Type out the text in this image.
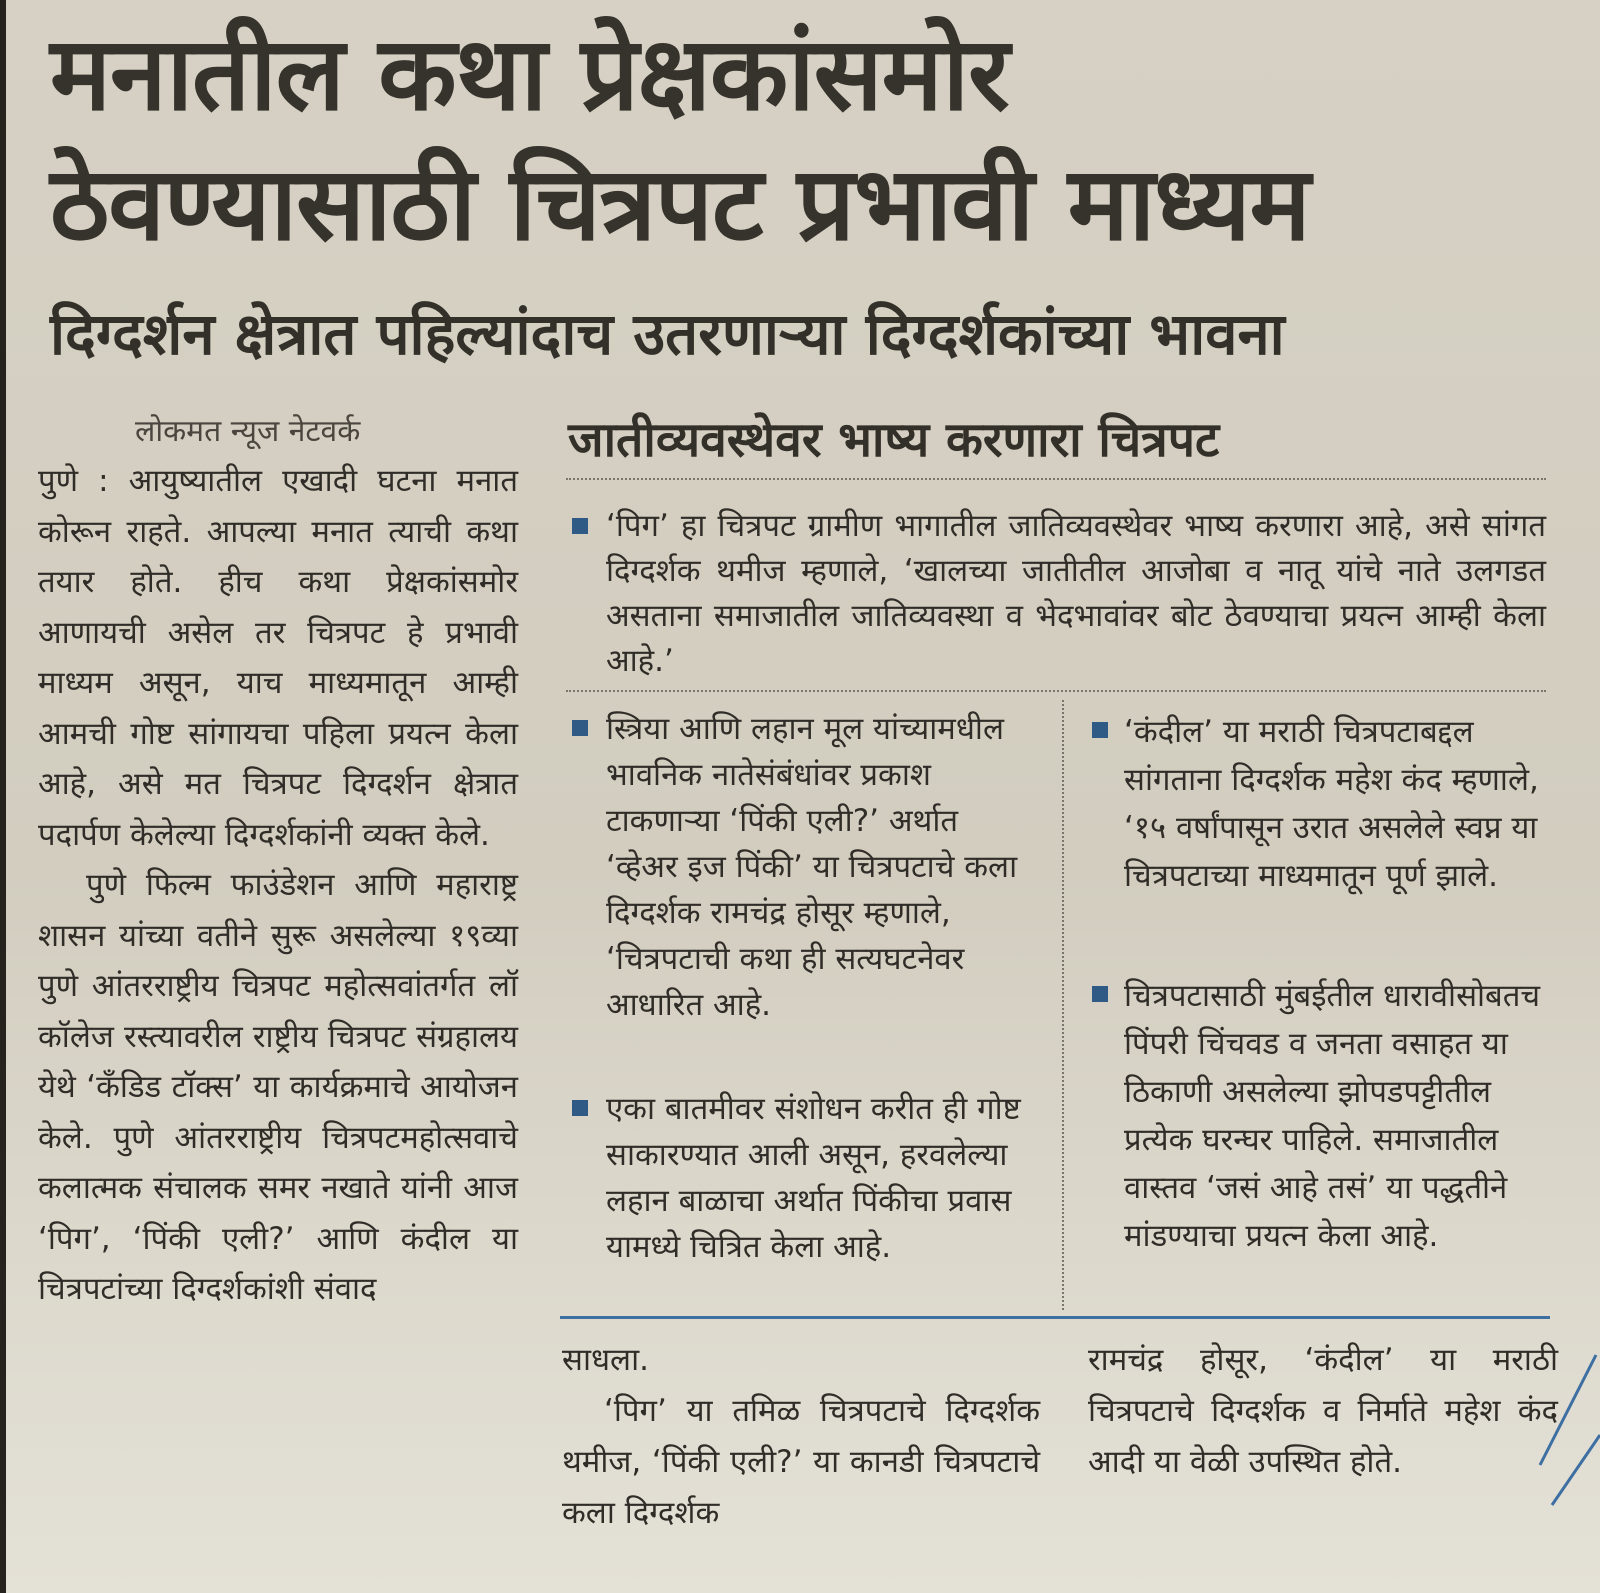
मनातील कथा प्रेक्षकांसमोर
ठेवण्यासाठी चित्रपट प्रभावी माध्यम
दिग्दर्शन क्षेत्रात पहिल्यांदाच उतरणाऱ्या दिग्दर्शकांच्या भावना
लोकमत न्यूज नेटवर्क

पुणे : आयुष्यातील एखादी घटना मनात कोरून राहते. आपल्या मनात त्याची कथा तयार होते. हीच कथा प्रेक्षकांसमोर आणायची असेल तर चित्रपट हे प्रभावी माध्यम असून, याच माध्यमातून आम्ही आमची गोष्ट सांगायचा पहिला प्रयत्न केला आहे, असे मत चित्रपट दिग्दर्शन क्षेत्रात पदार्पण केलेल्या दिग्दर्शकांनी व्यक्त केले.

पुणे फिल्म फाउंडेशन आणि महाराष्ट्र शासन यांच्या वतीने सुरू असलेल्या १९व्या पुणे आंतरराष्ट्रीय चित्रपट महोत्सवांतर्गत लॉ कॉलेज रस्त्यावरील राष्ट्रीय चित्रपट संग्रहालय येथे ‘कँडिड टॉक्स’ या कार्यक्रमाचे आयोजन केले. पुणे आंतरराष्ट्रीय चित्रपटमहोत्सवाचे कलात्मक संचालक समर नखाते यांनी आज ‘पिग’, ‘पिंकी एली?’ आणि कंदील या चित्रपटांच्या दिग्दर्शकांशी संवाद

जातीव्यवस्थेवर भाष्य करणारा चित्रपट

‘पिग’ हा चित्रपट ग्रामीण भागातील जातिव्यवस्थेवर भाष्य करणारा आहे, असे सांगत दिग्दर्शक थमीज म्हणाले, ‘खालच्या जातीतील आजोबा व नातू यांचे नाते उलगडत असताना समाजातील जातिव्यवस्था व भेदभावांवर बोट ठेवण्याचा प्रयत्न आम्ही केला आहे.’

स्त्रिया आणि लहान मूल यांच्यामधील भावनिक नातेसंबंधांवर प्रकाश टाकणाऱ्या ‘पिंकी एली?’ अर्थात ‘व्हेअर इज पिंकी’ या चित्रपटाचे कला दिग्दर्शक रामचंद्र होसूर म्हणाले, ‘चित्रपटाची कथा ही सत्यघटनेवर आधारित आहे.

एका बातमीवर संशोधन करीत ही गोष्ट साकारण्यात आली असून, हरवलेल्या लहान बाळाचा अर्थात पिंकीचा प्रवास यामध्ये चित्रित केला आहे.

‘कंदील’ या मराठी चित्रपटाबद्दल सांगताना दिग्दर्शक महेश कंद म्हणाले, ‘१५ वर्षांपासून उरात असलेले स्वप्न या चित्रपटाच्या माध्यमातून पूर्ण झाले.

चित्रपटासाठी मुंबईतील धारावीसोबतच पिंपरी चिंचवड व जनता वसाहत या ठिकाणी असलेल्या झोपडपट्टीतील प्रत्येक घरन्घर पाहिले. समाजातील वास्तव ‘जसं आहे तसं’ या पद्धतीने मांडण्याचा प्रयत्न केला आहे.

साधला.

‘पिग’ या तमिळ चित्रपटाचे दिग्दर्शक थमीज, ‘पिंकी एली?’ या कानडी चित्रपटाचे कला दिग्दर्शक

रामचंद्र होसूर, ‘कंदील’ या मराठी चित्रपटाचे दिग्दर्शक व निर्माते महेश कंद आदी या वेळी उपस्थित होते.
